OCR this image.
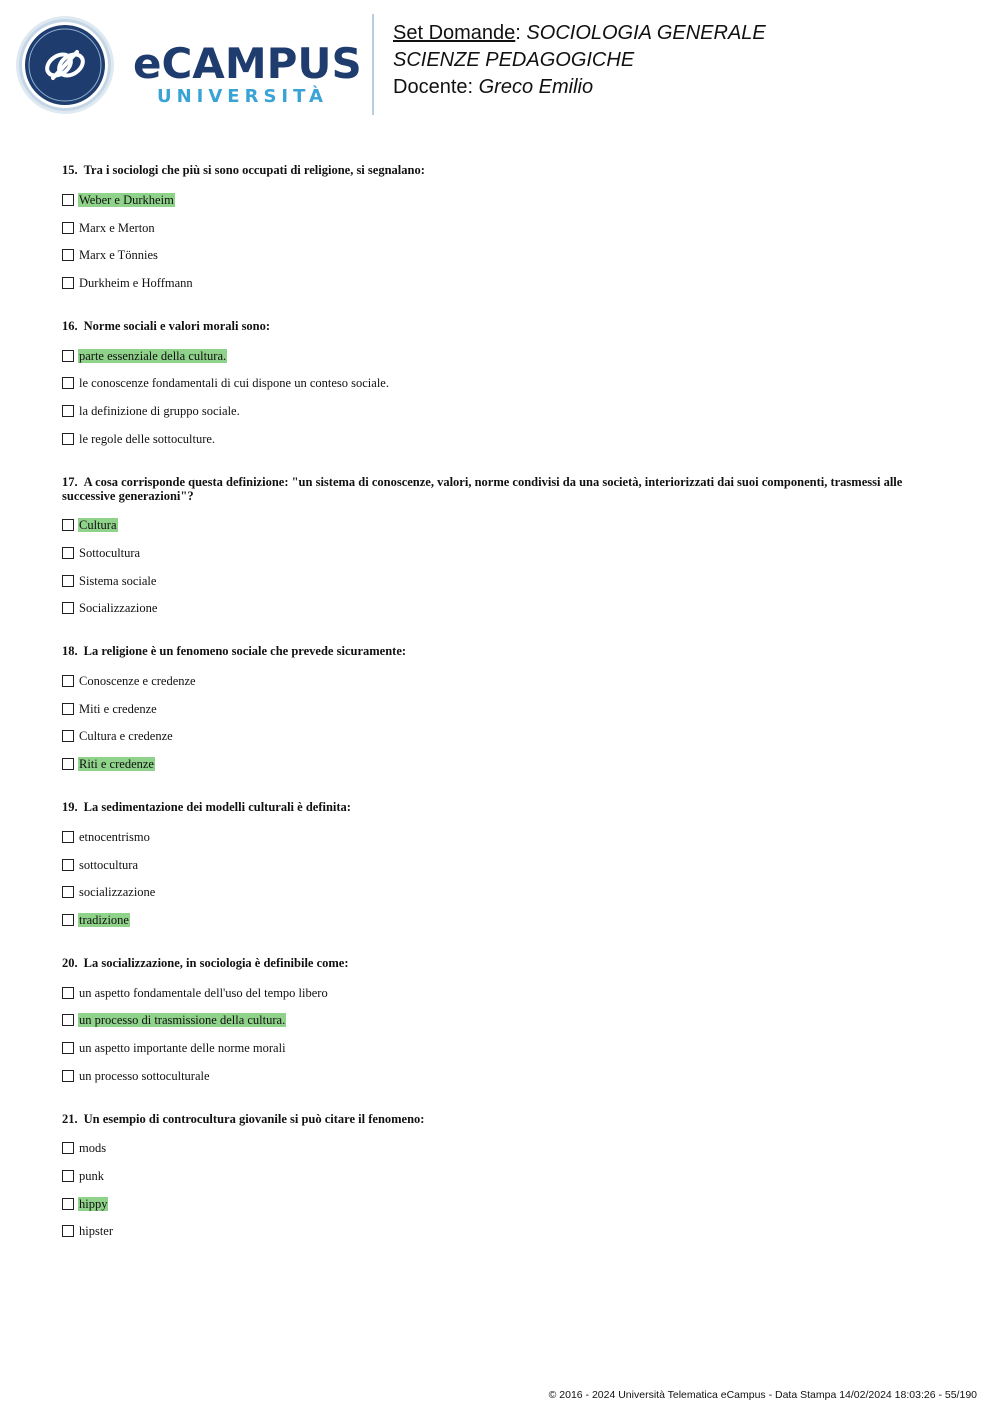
eCAMPUS
UNIVERSITÀ
Set Domande: SOCIOLOGIA GENERALE
SCIENZE PEDAGOGICHE
Docente: Greco Emilio
15. Tra i sociologi che più si sono occupati di religione, si segnalano:
Weber e Durkheim
Marx e Merton
Marx e Tönnies
Durkheim e Hoffmann
16. Norme sociali e valori morali sono:
parte essenziale della cultura.
le conoscenze fondamentali di cui dispone un conteso sociale.
la definizione di gruppo sociale.
le regole delle sottoculture.
17. A cosa corrisponde questa definizione: "un sistema di conoscenze, valori, norme condivisi da una società, interiorizzati dai suoi componenti, trasmessi alle successive generazioni"?
Cultura
Sottocultura
Sistema sociale
Socializzazione
18. La religione è un fenomeno sociale che prevede sicuramente:
Conoscenze e credenze
Miti e credenze
Cultura e credenze
Riti e credenze
19. La sedimentazione dei modelli culturali è definita:
etnocentrismo
sottocultura
socializzazione
tradizione
20. La socializzazione, in sociologia è definibile come:
un aspetto fondamentale dell'uso del tempo libero
un processo di trasmissione della cultura.
un aspetto importante delle norme morali
un processo sottoculturale
21. Un esempio di controcultura giovanile si può citare il fenomeno:
mods
punk
hippy
hipster
© 2016 - 2024 Università Telematica eCampus - Data Stampa 14/02/2024 18:03:26 - 55/190
